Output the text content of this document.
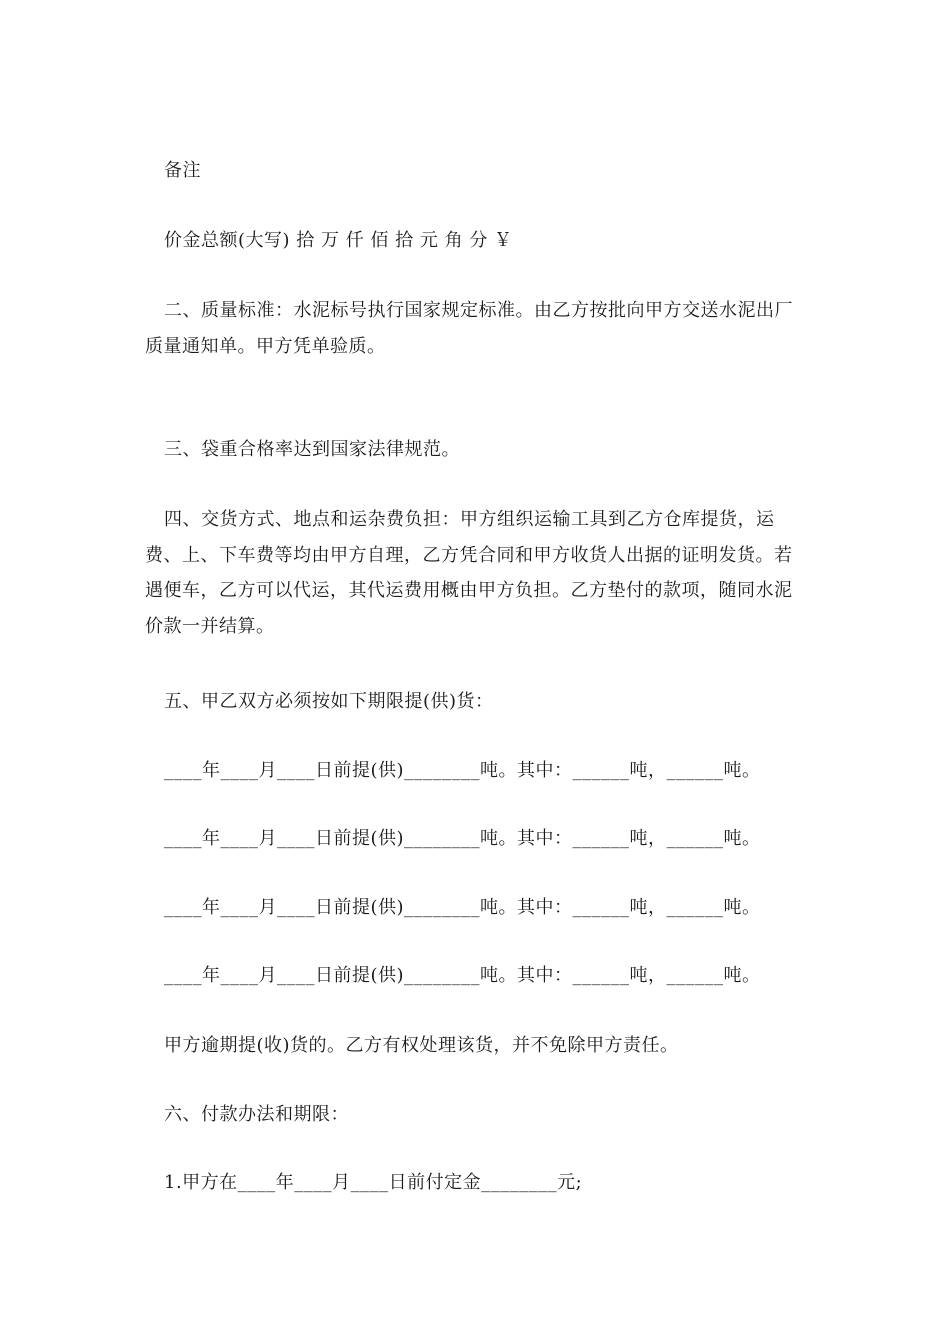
备注
价金总额(大写) 拾 万 仟 佰 拾 元 角 分 ￥
二、质量标准：水泥标号执行国家规定标准。由乙方按批向甲方交送水泥出厂质量通知单。甲方凭单验质。
三、袋重合格率达到国家法律规范。
四、交货方式、地点和运杂费负担：甲方组织运输工具到乙方仓库提货，运费、上、下车费等均由甲方自理，乙方凭合同和甲方收货人出据的证明发货。若遇便车，乙方可以代运，其代运费用概由甲方负担。乙方垫付的款项，随同水泥价款一并结算。
五、甲乙双方必须按如下期限提(供)货：
____年____月____日前提(供)________吨。其中：______吨，______吨。
____年____月____日前提(供)________吨。其中：______吨，______吨。
____年____月____日前提(供)________吨。其中：______吨，______吨。
____年____月____日前提(供)________吨。其中：______吨，______吨。
甲方逾期提(收)货的。乙方有权处理该货，并不免除甲方责任。
六、付款办法和期限：
1.甲方在____年____月____日前付定金________元;
